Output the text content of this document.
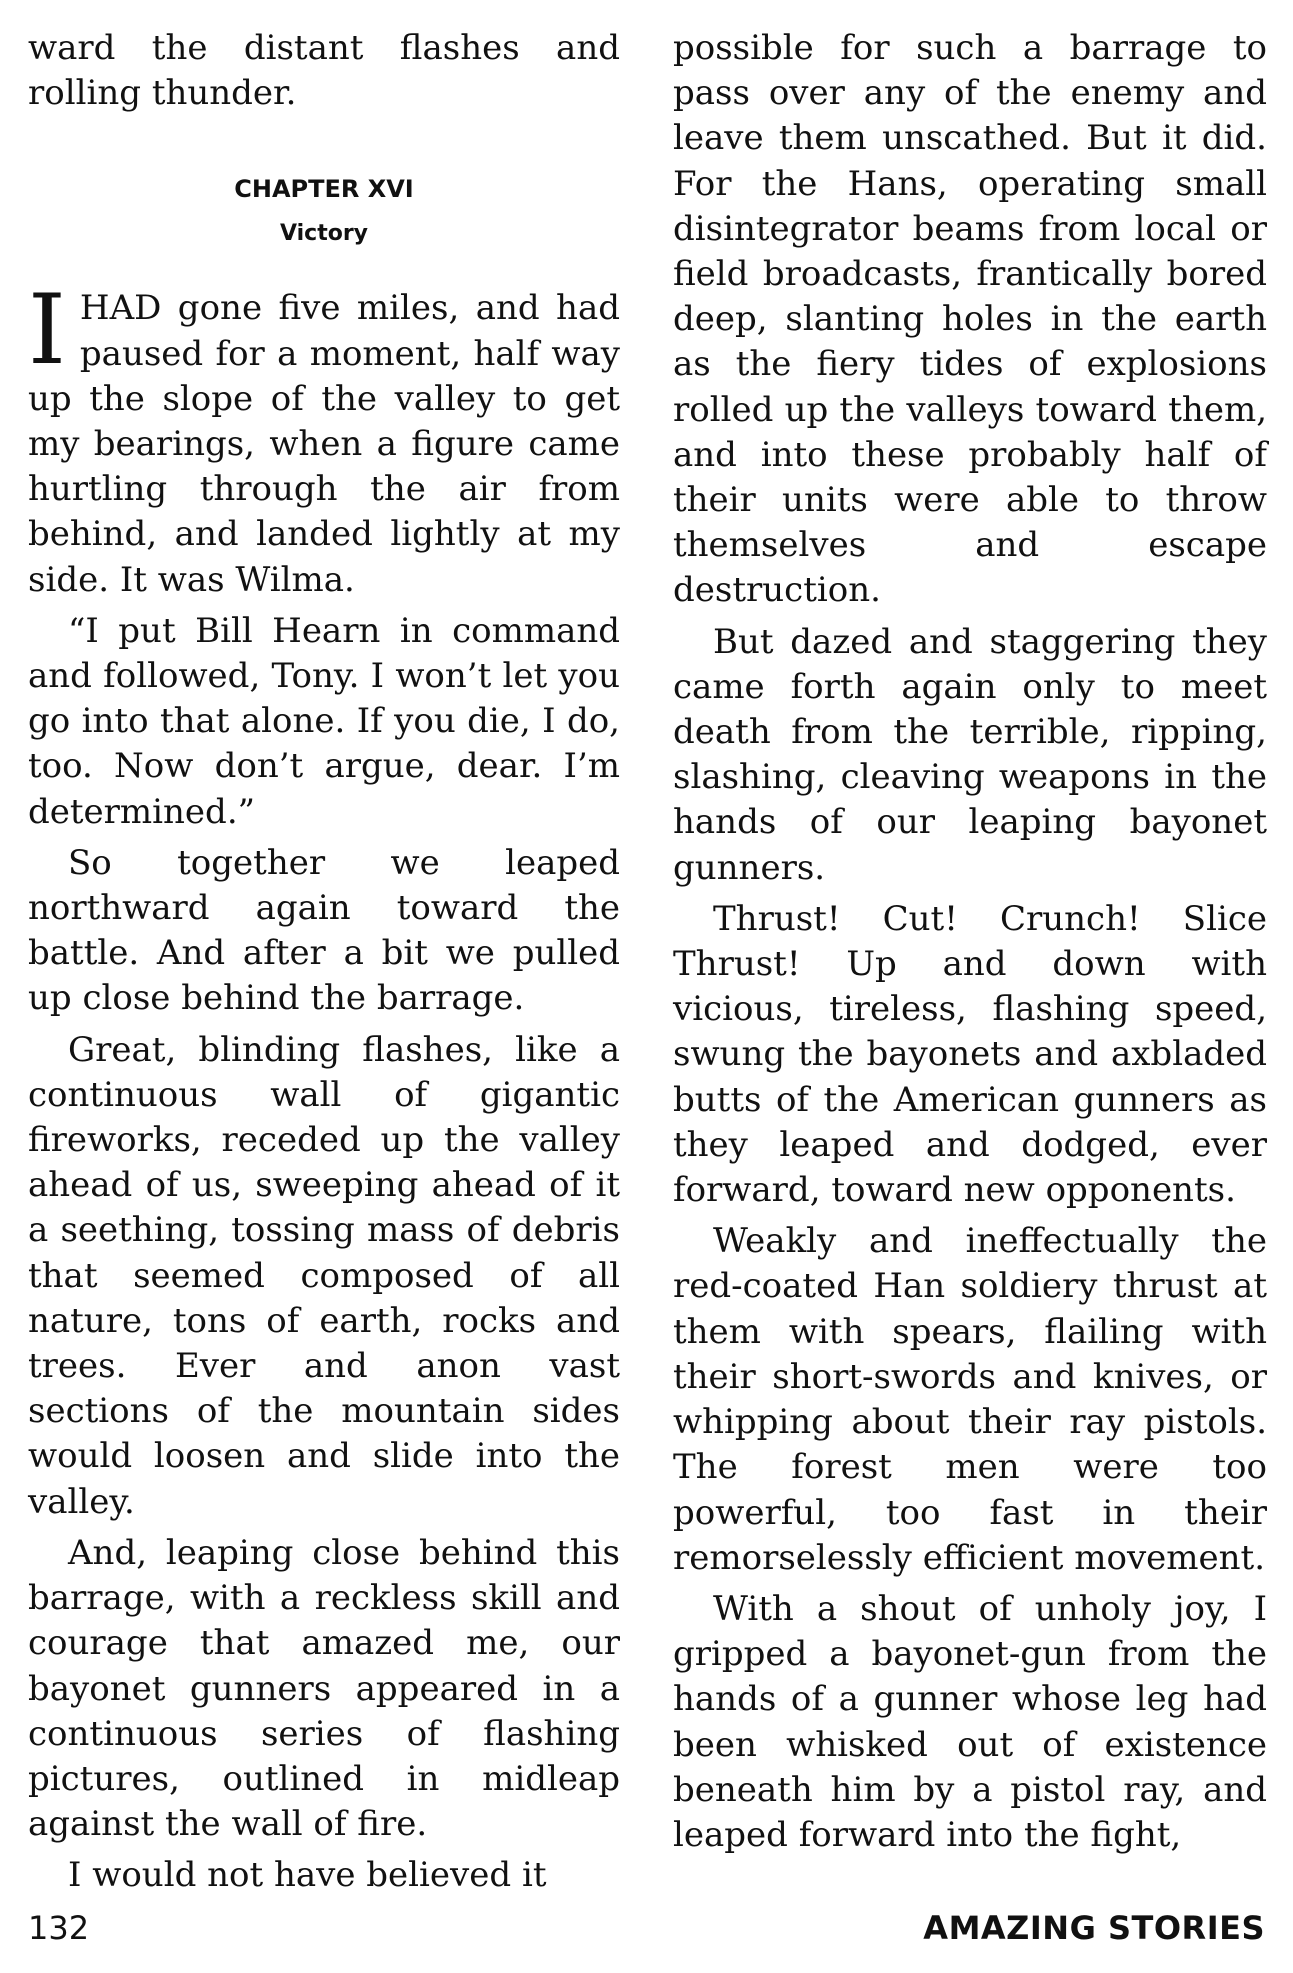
ward the distant flashes and rolling thunder.

CHAPTER XVI
Victory

IHAD gone five miles, and had paused for a moment, half way up the slope of the valley to get my bearings, when a figure came hurtling through the air from behind, and landed lightly at my side. It was Wilma.

“I put Bill Hearn in command and followed, Tony. I won’t let you go into that alone. If you die, I do, too. Now don’t argue, dear. I’m determined.”

So together we leaped northward again toward the battle. And after a bit we pulled up close behind the barrage.

Great, blinding flashes, like a continuous wall of gigantic fireworks, receded up the valley ahead of us, sweeping ahead of it a seething, tossing mass of debris that seemed composed of all nature, tons of earth, rocks and trees. Ever and anon vast sections of the mountain sides would loosen and slide into the valley.

And, leaping close behind this barrage, with a reckless skill and courage that amazed me, our bayonet gunners appeared in a continuous series of flashing pictures, outlined in midleap against the wall of fire.

I would not have believed it

possible for such a barrage to pass over any of the enemy and leave them unscathed. But it did. For the Hans, operating small disintegrator beams from local or field broadcasts, frantically bored deep, slanting holes in the earth as the fiery tides of explosions rolled up the valleys toward them, and into these probably half of their units were able to throw themselves and escape destruction.

But dazed and staggering they came forth again only to meet death from the terrible, ripping, slashing, cleaving weapons in the hands of our leaping bayonet gunners.

Thrust! Cut! Crunch! Slice Thrust! Up and down with vicious, tireless, flashing speed, swung the bayonets and axbladed butts of the American gunners as they leaped and dodged, ever forward, toward new opponents.

Weakly and ineffectually the red-coated Han soldiery thrust at them with spears, flailing with their short-swords and knives, or whipping about their ray pistols. The forest men were too powerful, too fast in their remorselessly efficient movement.

With a shout of unholy joy, I gripped a bayonet-gun from the hands of a gunner whose leg had been whisked out of existence beneath him by a pistol ray, and leaped forward into the fight,

132	AMAZING STORIES
